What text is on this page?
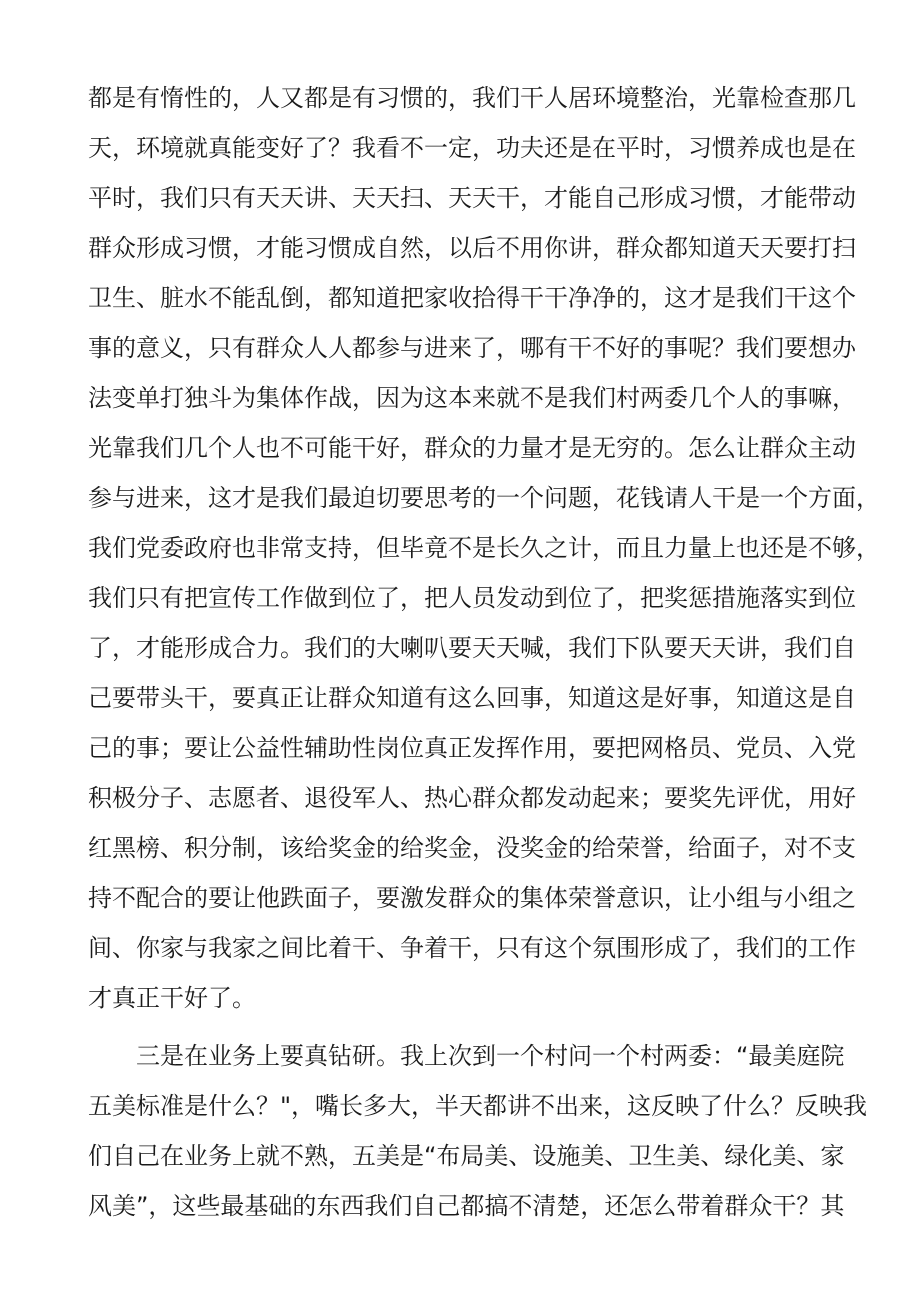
都是有惰性的，人又都是有习惯的，我们干人居环境整治，光靠检查那几
天，环境就真能变好了？我看不一定，功夫还是在平时，习惯养成也是在
平时，我们只有天天讲、天天扫、天天干，才能自己形成习惯，才能带动
群众形成习惯，才能习惯成自然，以后不用你讲，群众都知道天天要打扫
卫生、脏水不能乱倒，都知道把家收拾得干干净净的，这才是我们干这个
事的意义，只有群众人人都参与进来了，哪有干不好的事呢？我们要想办
法变单打独斗为集体作战，因为这本来就不是我们村两委几个人的事嘛，
光靠我们几个人也不可能干好，群众的力量才是无穷的。怎么让群众主动
参与进来，这才是我们最迫切要思考的一个问题，花钱请人干是一个方面，
我们党委政府也非常支持，但毕竟不是长久之计，而且力量上也还是不够，
我们只有把宣传工作做到位了，把人员发动到位了，把奖惩措施落实到位
了，才能形成合力。我们的大喇叭要天天喊，我们下队要天天讲，我们自
己要带头干，要真正让群众知道有这么回事，知道这是好事，知道这是自
己的事；要让公益性辅助性岗位真正发挥作用，要把网格员、党员、入党
积极分子、志愿者、退役军人、热心群众都发动起来；要奖先评优，用好
红黑榜、积分制，该给奖金的给奖金，没奖金的给荣誉，给面子，对不支
持不配合的要让他跌面子，要激发群众的集体荣誉意识，让小组与小组之
间、你家与我家之间比着干、争着干，只有这个氛围形成了，我们的工作
才真正干好了。
三是在业务上要真钻研。我上次到一个村问一个村两委：“最美庭院
五美标准是什么？"，嘴长多大，半天都讲不出来，这反映了什么？反映我
们自己在业务上就不熟，五美是“布局美、设施美、卫生美、绿化美、家
风美”，这些最基础的东西我们自己都搞不清楚，还怎么带着群众干？其
